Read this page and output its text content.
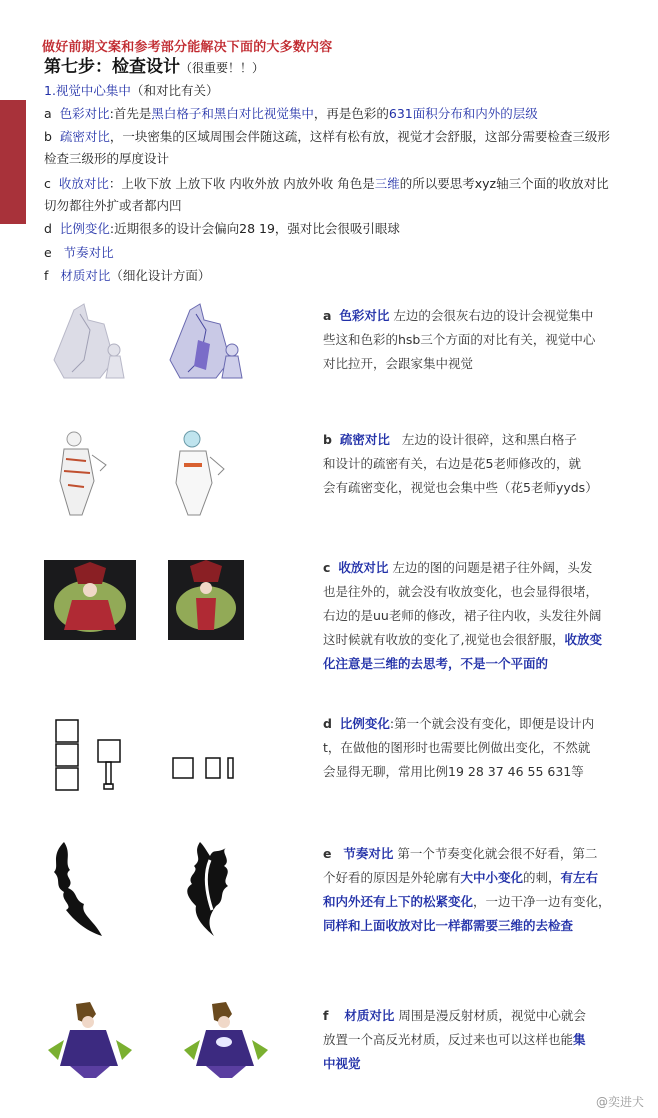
做好前期文案和参考部分能解决下面的大多数内容
第七步：检查设计（很重要！！）
1.视觉中心集中（和对比有关）
a 色彩对比:首先是黑白格子和黑白对比视觉集中，再是色彩的631面积分布和内外的层级
b 疏密对比，一块密集的区域周围会伴随这疏，这样有松有放，视觉才会舒服，这部分需要检查三级形
检查三级形的厚度设计
c 收放对比：上收下放 上放下收 内收外放 内放外收 角色是三维的所以要思考xyz轴三个面的收放对比
切勿都往外扩或者都内凹
d 比例变化:近期很多的设计会偏向28 19，强对比会很吸引眼球
e 节奏对比
f 材质对比（细化设计方面）
a 色彩对比 左边的会很灰右边的设计会视觉集中
些这和色彩的hsb三个方面的对比有关，视觉中心
对比拉开，会跟家集中视觉
b 疏密对比 左边的设计很碎，这和黑白格子
和设计的疏密有关，右边是花5老师修改的，就
会有疏密变化，视觉也会集中些（花5老师yyds）
c 收放对比 左边的图的问题是裙子往外阔，头发
也是往外的，就会没有收放变化，也会显得很堵，
右边的是uu老师的修改，裙子往内收，头发往外阔
这时候就有收放的变化了,视觉也会很舒服，收放变
化注意是三维的去思考，不是一个平面的
d 比例变化:第一个就会没有变化，即便是设计内
t，在做他的图形时也需要比例做出变化，不然就
会显得无聊，常用比例19 28 37 46 55 631等
e 节奏对比 第一个节奏变化就会很不好看，第二
个好看的原因是外轮廓有大中小变化的刺，有左右
和内外还有上下的松紧变化，一边干净一边有变化，
同样和上面收放对比一样都需要三维的去检查
f 材质对比 周围是漫反射材质，视觉中心就会
放置一个高反光材质，反过来也可以这样也能集
中视觉
@奕进犬
